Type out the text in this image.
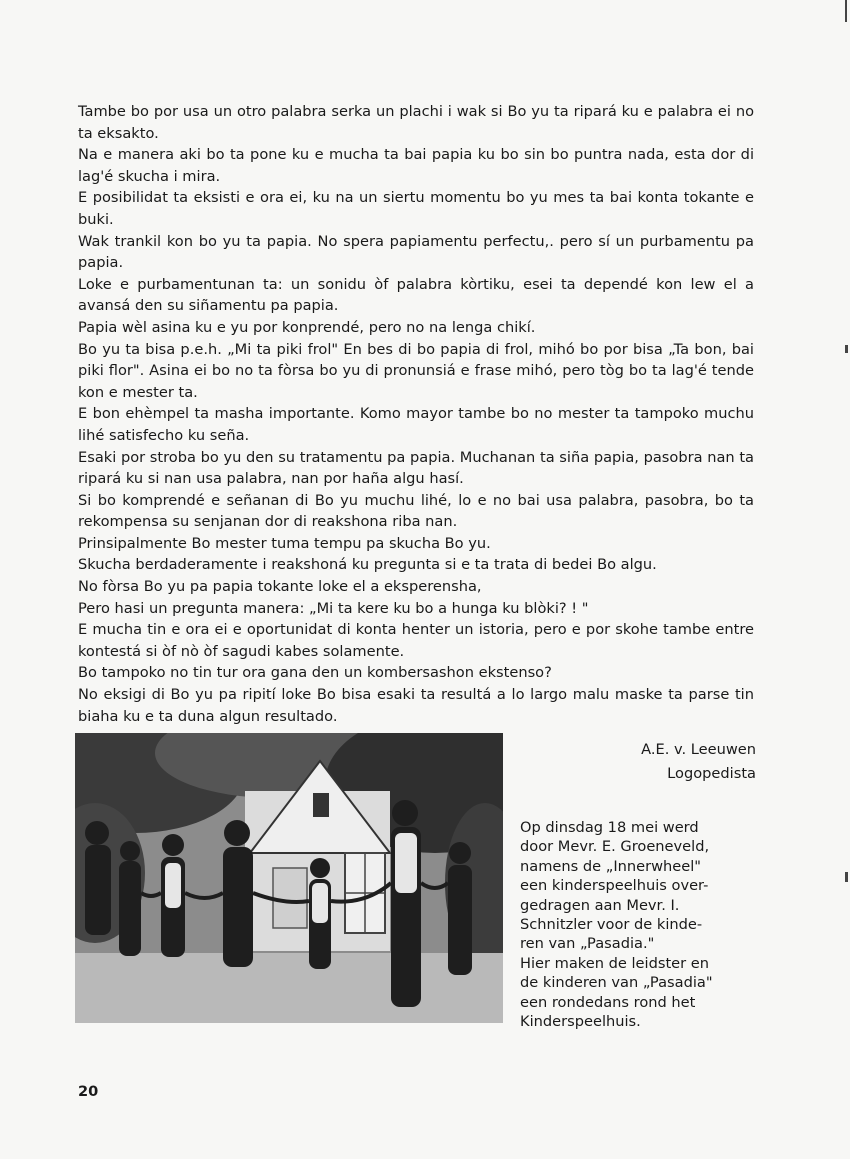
Tambe bo por usa un otro palabra serka un plachi i wak si Bo yu ta ripará ku e palabra ei no ta eksakto.

Na e manera aki bo ta pone ku e mucha ta bai papia ku bo sin bo puntra nada, esta dor di lag'é skucha i mira.

E posibilidat ta eksisti e ora ei, ku na un siertu momentu bo yu mes ta bai konta tokante e buki.

Wak trankil kon bo yu ta papia. No spera papiamentu perfectu,. pero sí un purbamentu pa papia.

Loke e purbamentunan ta: un sonidu òf palabra kòrtiku, esei ta dependé kon lew el a avansá den su siñamentu pa papia.

Papia wèl asina ku e yu por konprendé, pero no na lenga chikí.

Bo yu ta bisa p.e.h. „Mi ta piki frol" En bes di bo papia di frol, mihó bo por bisa „Ta bon, bai piki flor". Asina ei bo no ta fòrsa bo yu di pronunsiá e frase mihó, pero tòg bo ta lag'é tende kon e mester ta.

E bon ehèmpel ta masha importante. Komo mayor tambe bo no mester ta tampoko muchu lihé satisfecho ku seña.

Esaki por stroba bo yu den su tratamentu pa papia. Muchanan ta siña papia, pasobra nan ta ripará ku si nan usa palabra, nan por haña algu hasí.

Si bo komprendé e señanan di Bo yu muchu lihé, lo e no bai usa palabra, pasobra, bo ta rekompensa su senjanan dor di reakshona riba nan.

Prinsipalmente Bo mester tuma tempu pa skucha Bo yu.

Skucha berdaderamente i reakshoná ku pregunta si e ta trata di bedei Bo algu.

No fòrsa Bo yu pa papia tokante loke el a eksperensha,

Pero hasi un pregunta manera: „Mi ta kere ku bo a hunga ku blòki? ! "

E mucha tin e ora ei e oportunidat di konta henter un istoria, pero e por skohe tambe entre kontestá si òf nò òf sagudi kabes solamente.

Bo tampoko no tin tur ora gana den un kombersashon ekstenso?

No eksigi di Bo yu pa ripití loke Bo bisa esaki ta resultá a lo largo malu maske ta parse tin biaha ku e ta duna algun resultado.

A.E. v. Leeuwen
Logopedista

Op dinsdag 18 mei werd

door Mevr. E. Groeneveld,

namens de „Innerwheel"

een kinderspeelhuis over-

gedragen aan Mevr. I.

Schnitzler voor de kinde-

ren van „Pasadia."

Hier maken de leidster en

de kinderen van „Pasadia"

een rondedans rond het

Kinderspeelhuis.

20
